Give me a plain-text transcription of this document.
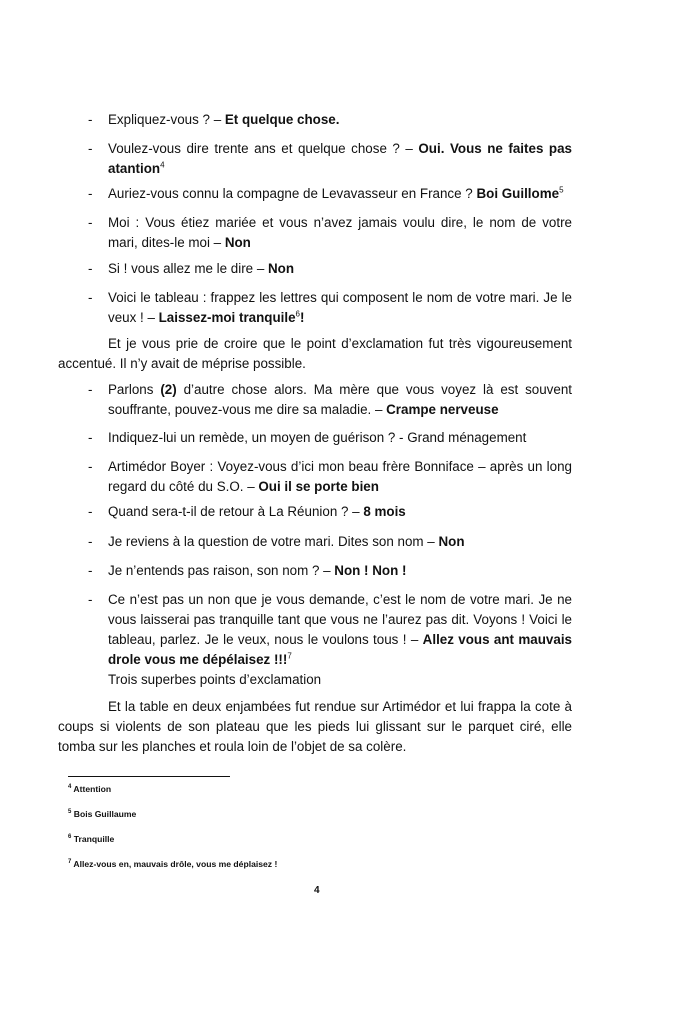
-	Expliquez-vous ? – Et quelque chose.
-	Voulez-vous dire trente ans et quelque chose ? – Oui. Vous ne faites pas atantion$^4$
-	Auriez-vous connu la compagne de Levavasseur en France ? Boi Guillome$^5$
-	Moi : Vous étiez mariée et vous n’avez jamais voulu dire, le nom de votre mari, dites-le moi – Non
-	Si ! vous allez me le dire – Non
-	Voici le tableau : frappez les lettres qui composent le nom de votre mari. Je le veux ! – Laissez-moi tranquile$^6$!
Et je vous prie de croire que le point d’exclamation fut très vigoureusement accentué. Il n’y avait de méprise possible.
-	Parlons (2) d’autre chose alors. Ma mère que vous voyez là est souvent souffrante, pouvez-vous me dire sa maladie. – Crampe nerveuse
-	Indiquez-lui un remède, un moyen de guérison ? - Grand ménagement
-	Artimédor Boyer : Voyez-vous d’ici mon beau frère Bonniface – après un long regard du côté du S.O. – Oui il se porte bien
-	Quand sera-t-il de retour à La Réunion ? – 8 mois
-	Je reviens à la question de votre mari. Dites son nom – Non
-	Je n’entends pas raison, son nom ? – Non ! Non !
-	Ce n’est pas un non que je vous demande, c’est le nom de votre mari. Je ne vous laisserai pas tranquille tant que vous ne l’aurez pas dit. Voyons ! Voici le tableau, parlez. Je le veux, nous le voulons tous ! – Allez vous ant mauvais drole vous me dépélaisez !!!$^7$
Trois superbes points d’exclamation
Et la table en deux enjambées fut rendue sur Artimédor et lui frappa la cote à coups si violents de son plateau que les pieds lui glissant sur le parquet ciré, elle tomba sur les planches et roula loin de l’objet de sa colère.
$^4$ Attention
$^5$ Bois Guillaume
$^6$ Tranquille
$^7$ Allez-vous en, mauvais drôle, vous me déplaisez !
4
